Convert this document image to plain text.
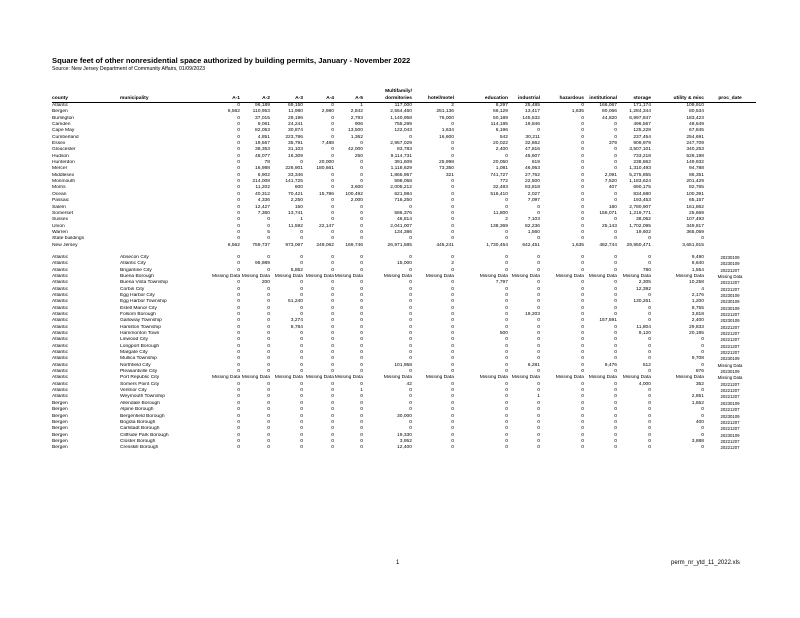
Square feet of other nonresidential space authorized by building permits, January - November 2022
Source: New Jersey Department of Community Affairs, 01/09/2023
							Multifamily/								
county	municipality	A-1	A-2	A-3	A-4	A-5	dormitories	hotel/motel	education	industrial	hazardous	institutional	storage	utility & misc	proc_date
Atlantic		0	96,189	69,150	0	1	117,000	2	8,297	25,485	0	166,067	171,174	109,910	
Bergen		6,562	110,953	11,980	2,980	2,842	2,554,460	251,136	66,129	13,417	1,635	80,066	1,284,344	80,534	
Burlington		0	37,015	29,196	0	2,793	1,140,958	76,000	50,189	145,532	0	44,820	6,997,847	183,423	
Camden		0	9,061	24,241	0	906	755,299	0	114,185	19,846	0	0	496,567	48,649	
Cape May		0	82,053	30,874	0	13,500	122,043	1,634	6,196	0	0	0	125,228	67,845	
Cumberland		0	4,851	223,786	0	1,362	0	16,600	542	30,211	0	0	237,454	254,691	
Essex		0	19,567	35,791	7,488	0	2,957,029	0	20,022	32,862	0	379	909,979	247,709	
Gloucester		0	38,353	31,103	0	42,000	83,783	0	2,400	47,816	0	0	3,507,101	340,253	
Hudson		0	48,077	16,309	0	250	9,114,731	0	0	45,607	0	0	733,218	528,198	
Hunterdon		0	78	0	20,000	0	391,609	25,998	20,050	619	0	0	238,862	149,932	
Mercer		0	16,988	226,901	180,661	0	1,118,629	73,350	1,081	46,953	0	0	1,310,493	94,788	
Middlesex		0	6,902	33,346	0	0	1,865,957	321	741,727	27,762	0	2,091	5,275,855	86,351	
Monmouth		0	214,008	141,725	0	0	598,058	0	772	22,500	0	7,520	1,183,624	201,429	
Morris		0	11,202	600	0	3,600	2,005,212	0	32,483	83,818	0	407	690,175	82,765	
Ocean		0	40,312	70,421	15,786	100,492	621,984	0	516,410	2,027	0	0	834,680	100,391	
Passaic		0	4,336	2,250	0	2,000	716,250	0	0	7,097	0	0	193,453	65,157	
Salem		0	12,427	150	0	0	0	0	0	0	0	180	2,780,907	161,862	
Somerset		0	7,360	13,741	0	0	586,376	0	11,800	0	0	156,071	1,219,771	25,669	
Sussex		0	0	1	0	0	46,814	0	2	7,103	0	0	38,052	107,493	
Union		0	0	11,592	22,147	0	2,041,007	0	138,369	82,236	0	25,143	1,702,095	349,817	
Warren		0	5	0	0	0	134,386	0	0	1,560	0	0	19,602	365,059	
State buildings		0	0	0	0	0	0	0	0	0	0	0	0	0	
New Jersey		6,562	759,737	973,067	249,062	169,746	26,971,585	445,241	1,730,454	642,451	1,635	482,744	29,950,471	3,651,915	

Atlantic	Absecon City	0	0	0	0	0	0	0	0	0	0	0	0	9,490	20230109
Atlantic	Atlantic City	0	95,989	0	0	0	15,000	2	0	0	0	0	0	6,640	20230109
Atlantic	Brigantine City	0	0	5,852	0	0	0	0	0	0	0	0	780	1,554	20221207
Atlantic	Buena Borough	Missing Data	Missing Data	Missing Data	Missing Data	Missing Data	Missing Data	Missing Data	Missing Data	Missing Data	Missing Data	Missing Data	Missing Data	Missing Data	Missing Data
Atlantic	Buena Vista Township	0	200	0	0	0	0	0	7,797	0	0	0	2,305	10,258	20221207
Atlantic	Corbin City	0	0	0	0	0	0	0	0	0	0	0	12,392	4	20221207
Atlantic	Egg Harbor City	0	0	0	0	0	0	0	0	0	0	0	0	2,176	20230109
Atlantic	Egg Harbor Township	0	0	51,240	0	0	0	0	0	0	0	0	130,261	1,200	20230109
Atlantic	Estell Manor City	0	0	0	0	0	0	0	0	0	0	0	0	8,755	20230109
Atlantic	Folsom Borough	0	0	0	0	0	0	0	0	19,203	0	0	0	3,818	20221207
Atlantic	Galloway Township	0	0	3,274	0	0	0	0	0	0	0	157,591	0	2,400	20230109
Atlantic	Hamilton Township	0	0	8,784	0	0	0	0	0	0	0	0	11,804	29,833	20221207
Atlantic	Hammonton Town	0	0	0	0	0	0	0	500	0	0	0	9,120	20,195	20221207
Atlantic	Linwood City	0	0	0	0	0	0	0	0	0	0	0	0	0	20221207
Atlantic	Longport Borough	0	0	0	0	0	0	0	0	0	0	0	0	0	20221207
Atlantic	Margate City	0	0	0	0	0	0	0	0	0	0	0	0	0	20221207
Atlantic	Mullica Township	0	0	0	0	0	0	0	0	0	0	0	0	9,708	20230109
Atlantic	Northfield City	0	0	0	0	0	101,958	0	0	6,281	0	8,476	512	0	Missing Data
Atlantic	Pleasantville City	0	0	0	0	0	0	0	0	0	0	0	0	876	20230109
Atlantic	Port Republic City	Missing Data	Missing Data	Missing Data	Missing Data	Missing Data	Missing Data	Missing Data	Missing Data	Missing Data	Missing Data	Missing Data	Missing Data	Missing Data	Missing Data
Atlantic	Somers Point City	0	0	0	0	0	42	0	0	0	0	0	4,000	352	20221207
Atlantic	Ventnor City	0	0	0	0	1	0	0	0	0	0	0	0	0	20221207
Atlantic	Weymouth Township	0	0	0	0	0	0	0	0	1	0	0	0	2,851	20221207
Bergen	Allendale Borough	0	0	0	0	0	0	0	0	0	0	0	0	1,552	20230109
Bergen	Alpine Borough	0	0	0	0	0	0	0	0	0	0	0	0	0	20221207
Bergen	Bergenfield Borough	0	0	0	0	0	30,000	0	0	0	0	0	0	0	20230109
Bergen	Bogota Borough	0	0	0	0	0	0	0	0	0	0	0	0	400	20221207
Bergen	Carlstadt Borough	0	0	0	0	0	0	0	0	0	0	0	0	0	20221207
Bergen	Cliffside Park Borough	0	0	0	0	0	19,330	0	0	0	0	0	0	0	20230109
Bergen	Closter Borough	0	0	0	0	0	3,952	0	0	0	0	0	0	3,888	20221207
Bergen	Cresskill Borough	0	0	0	0	0	12,400	0	0	0	0	0	0	0	20221207
1	perm_nr_ytd_11_2022.xls
